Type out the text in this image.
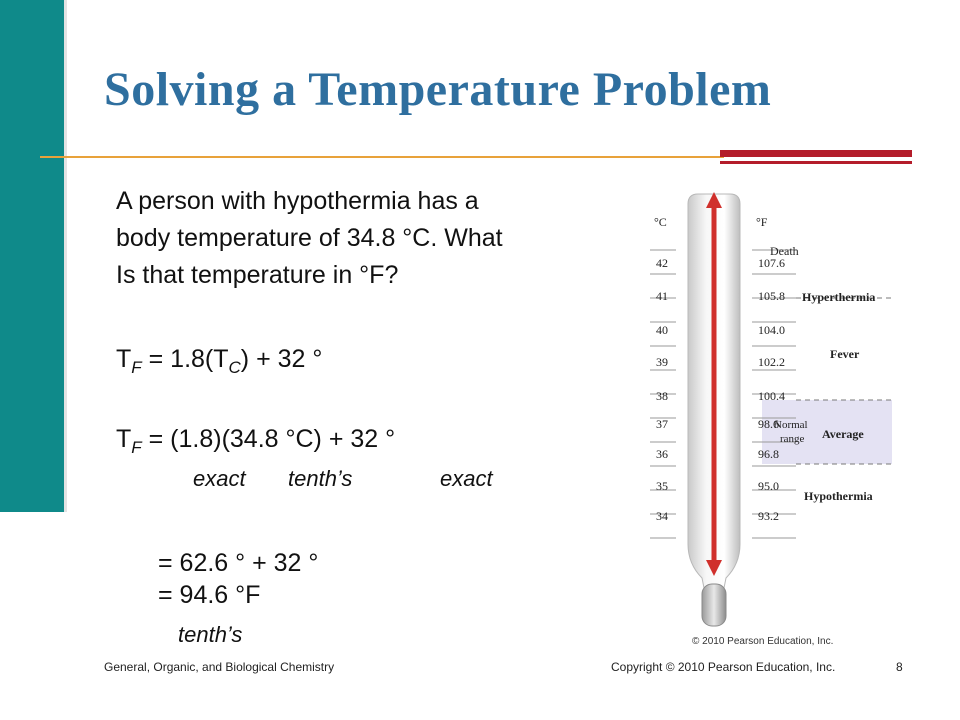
Solving a Temperature Problem
A person with hypothermia has a
body temperature of 34.8 °C. What
Is that temperature in °F?
$T_F = 1.8(T_C) + 32$ °
$T_F = (1.8)(34.8$ °C) + 32 °
exact tenth’s	exact
= 62.6 ° + 32 °
= 94.6 °F
tenth’s
°C	°F
42
41
40
39
38
37
36
35
34
107.6
105.8
104.0
102.2
100.4
98.6
96.8
95.0
93.2
Death
Hyperthermia
Fever
Normal
range Average
Hypothermia
© 2010 Pearson Education, Inc.
General, Organic, and Biological Chemistry	Copyright © 2010 Pearson Education, Inc.	8
